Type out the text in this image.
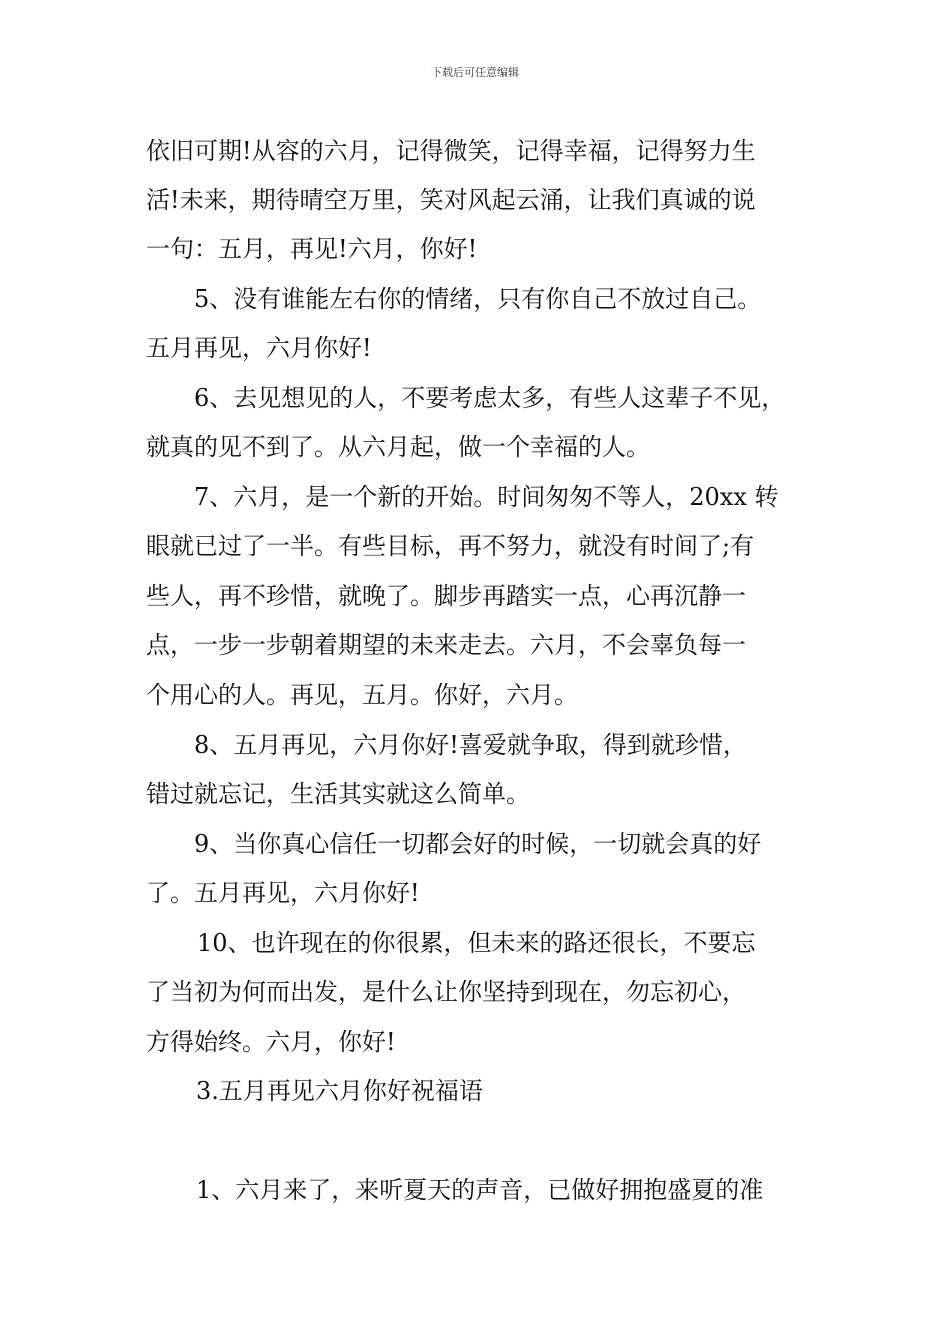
下载后可任意编辑
依旧可期!从容的六月，记得微笑，记得幸福，记得努力生
活!未来，期待晴空万里，笑对风起云涌，让我们真诚的说
一句：五月，再见!六月，你好!
5、没有谁能左右你的情绪，只有你自己不放过自己。
五月再见，六月你好!
6、去见想见的人，不要考虑太多，有些人这辈子不见，
就真的见不到了。从六月起，做一个幸福的人。
7、六月，是一个新的开始。时间匆匆不等人，20xx 转
眼就已过了一半。有些目标，再不努力，就没有时间了;有
些人，再不珍惜，就晚了。脚步再踏实一点，心再沉静一
点，一步一步朝着期望的未来走去。六月，不会辜负每一
个用心的人。再见，五月。你好，六月。
8、五月再见，六月你好!喜爱就争取，得到就珍惜，
错过就忘记，生活其实就这么简单。
9、当你真心信任一切都会好的时候，一切就会真的好
了。五月再见，六月你好!
10、也许现在的你很累，但未来的路还很长，不要忘
了当初为何而出发，是什么让你坚持到现在，勿忘初心，
方得始终。六月，你好!
3.五月再见六月你好祝福语
1、六月来了，来听夏天的声音，已做好拥抱盛夏的准
